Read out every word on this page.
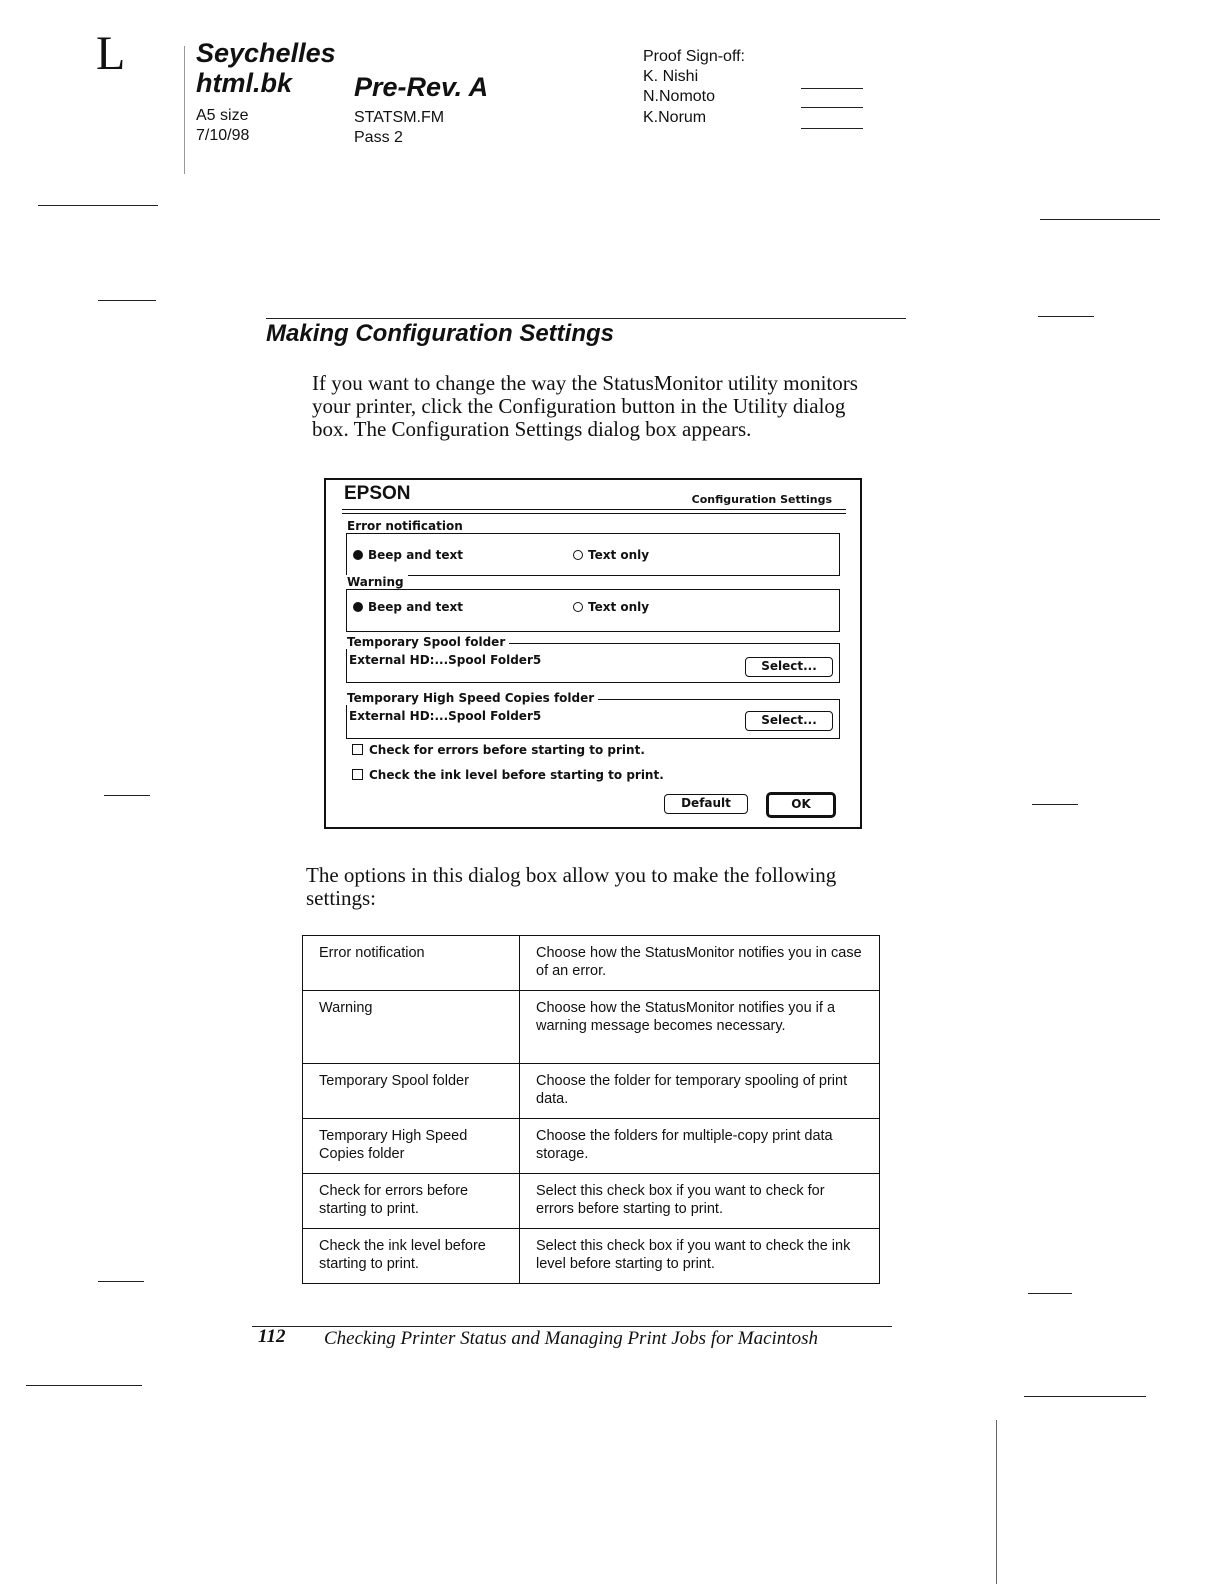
L	Seychelles
html.bk Pre-Rev. A
A5 size
7/10/98
STATSM.FM
Pass 2
Proof Sign-off:
K. Nishi
N.Nomoto
K.Norum
Making Configuration Settings
If you want to change the way the StatusMonitor utility monitors
your printer, click the Configuration button in the Utility dialog
box. The Configuration Settings dialog box appears.
EPSON	Configuration Settings
Beep and text	Text only
Error notification
Beep and text	Text only
Warning
External HD:...Spool Folder5	Select...
Temporary Spool folder
External HD:...Spool Folder5	Select...
Temporary High Speed Copies folder
Check for errors before starting to print.
Check the ink level before starting to print.
Default	OK
The options in this dialog box allow you to make the following
settings:
Error notification	Choose how the StatusMonitor notifies you in case of an error.
Warning	Choose how the StatusMonitor notifies you if a warning message becomes necessary.
Temporary Spool folder	Choose the folder for temporary spooling of print data.
Temporary High Speed Copies folder	Choose the folders for multiple-copy print data storage.
Check for errors before starting to print.	Select this check box if you want to check for errors before starting to print.
Check the ink level before starting to print.	Select this check box if you want to check the ink level before starting to print.
112 Checking Printer Status and Managing Print Jobs for Macintosh
